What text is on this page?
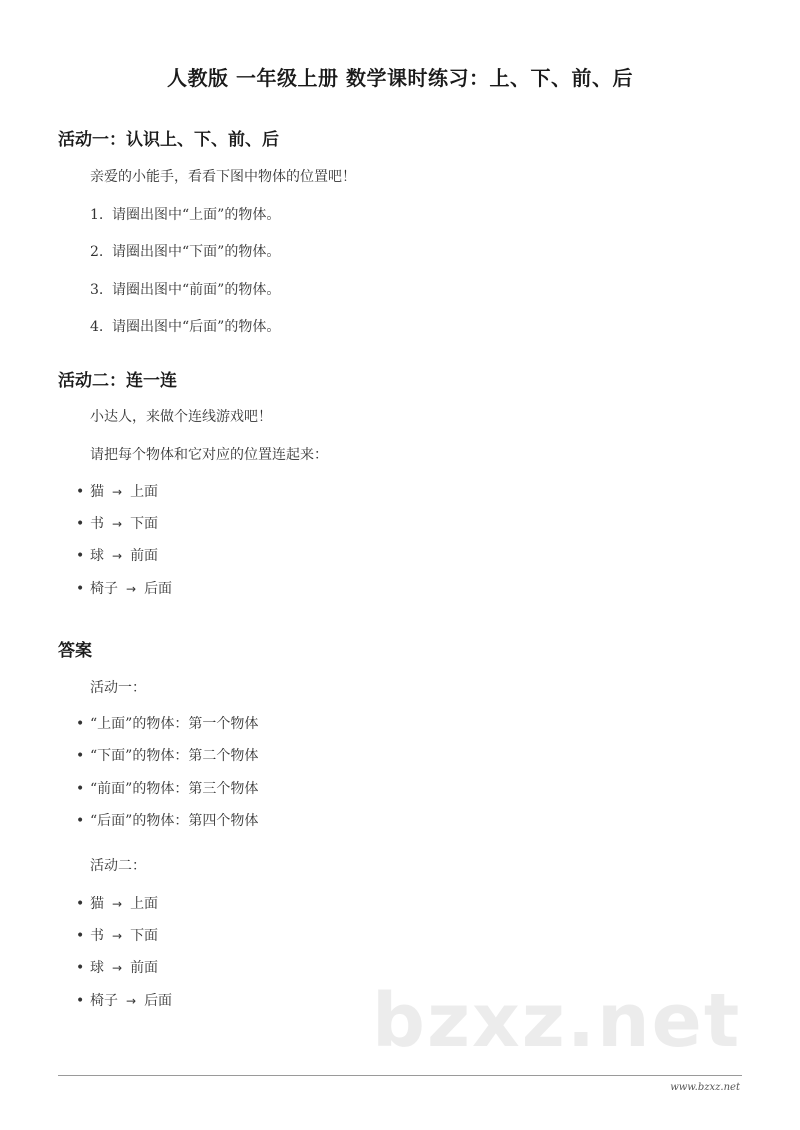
人教版 一年级上册 数学课时练习：上、下、前、后
活动一：认识上、下、前、后
亲爱的小能手，看看下图中物体的位置吧！
1. 请圈出图中“上面”的物体。
2. 请圈出图中“下面”的物体。
3. 请圈出图中“前面”的物体。
4. 请圈出图中“后面”的物体。
活动二：连一连
小达人，来做个连线游戏吧！
请把每个物体和它对应的位置连起来：
• 猫 → 上面
• 书 → 下面
• 球 → 前面
• 椅子 → 后面
答案
活动一：
• “上面”的物体：第一个物体
• “下面”的物体：第二个物体
• “前面”的物体：第三个物体
• “后面”的物体：第四个物体
活动二：
• 猫 → 上面
• 书 → 下面
• 球 → 前面
• 椅子 → 后面	bzxz.net
www.bzxz.net
